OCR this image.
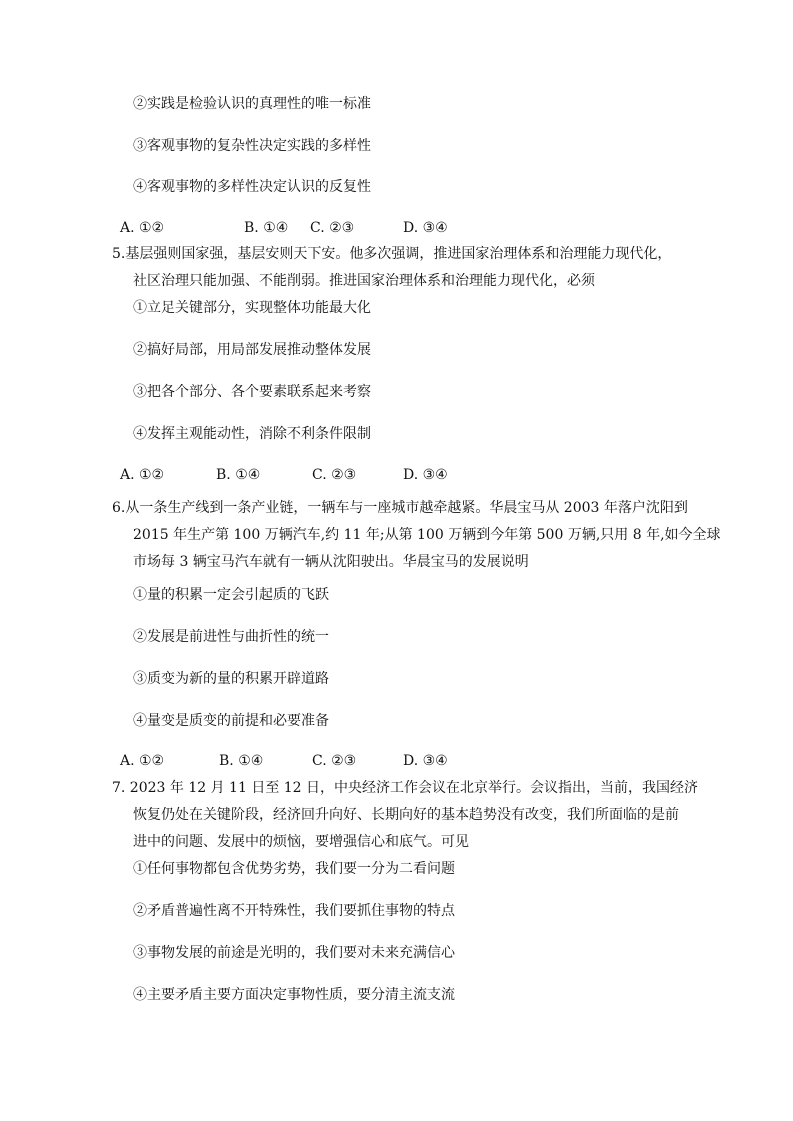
②实践是检验认识的真理性的唯一标准
③客观事物的复杂性决定实践的多样性
④客观事物的多样性决定认识的反复性
A. ①②	B. ①④ C. ②③	D. ③④
5.基层强则国家强，基层安则天下安。他多次强调，推进国家治理体系和治理能力现代化，
社区治理只能加强、不能削弱。推进国家治理体系和治理能力现代化，必须
①立足关键部分，实现整体功能最大化
②搞好局部，用局部发展推动整体发展
③把各个部分、各个要素联系起来考察
④发挥主观能动性，消除不利条件限制
A. ①②	B. ①④	C. ②③	D. ③④
6.从一条生产线到一条产业链，一辆车与一座城市越牵越紧。华晨宝马从 2003 年落户沈阳到
2015 年生产第 100 万辆汽车,约 11 年;从第 100 万辆到今年第 500 万辆,只用 8 年,如今全球
市场每 3 辆宝马汽车就有一辆从沈阳驶出。华晨宝马的发展说明
①量的积累一定会引起质的飞跃
②发展是前进性与曲折性的统一
③质变为新的量的积累开辟道路
④量变是质变的前提和必要准备
A. ①②	B. ①④	C. ②③	D. ③④
7. 2023 年 12 月 11 日至 12 日，中央经济工作会议在北京举行。会议指出，当前，我国经济
恢复仍处在关键阶段，经济回升向好、长期向好的基本趋势没有改变，我们所面临的是前
进中的问题、发展中的烦恼，要增强信心和底气。可见
①任何事物都包含优势劣势，我们要一分为二看问题
②矛盾普遍性离不开特殊性，我们要抓住事物的特点
③事物发展的前途是光明的，我们要对未来充满信心
④主要矛盾主要方面决定事物性质，要分清主流支流
